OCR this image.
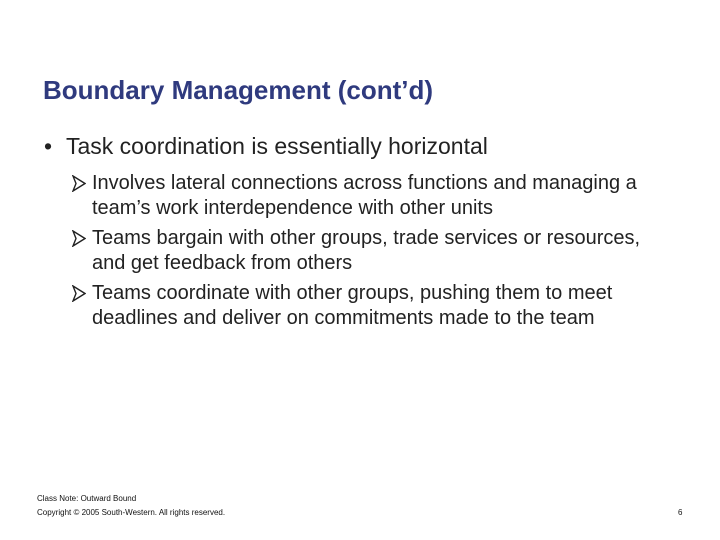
Boundary Management (cont’d)
• Task coordination is essentially horizontal
Involves lateral connections across functions and managing a team’s work interdependence with other units
Teams bargain with other groups, trade services or resources, and get feedback from others
Teams coordinate with other groups, pushing them to meet deadlines and deliver on commitments made to the team
Class Note: Outward Bound
Copyright © 2005 South-Western. All rights reserved.	6
